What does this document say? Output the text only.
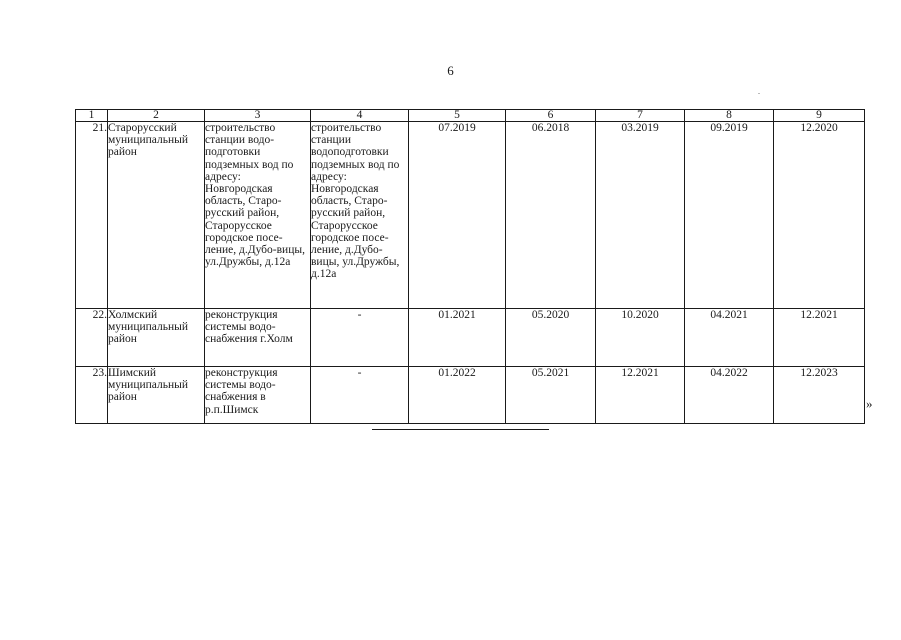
6
1	2	3	4	5	6	7	8	9
21.	Старорусский муниципальный район	строительство станции водо-подготовки подземных вод по адресу: Новгородская область, Старо-русский район, Старорусское городское посе-ление, д.Дубо-вицы, ул.Дружбы, д.12а	строительство станции водоподготовки подземных вод по адресу: Новгородская область, Старо-русский район, Старорусское городское посе-ление, д.Дубо-вицы, ул.Дружбы, д.12а	07.2019	06.2018	03.2019	09.2019	12.2020
22.	Холмский муниципальный район	реконструкция системы водо-снабжения г.Холм	-	01.2021	05.2020	10.2020	04.2021	12.2021
23.	Шимский муниципальный район	реконструкция системы водо-снабжения в р.п.Шимск	-	01.2022	05.2021	12.2021	04.2022	12.2023
»
